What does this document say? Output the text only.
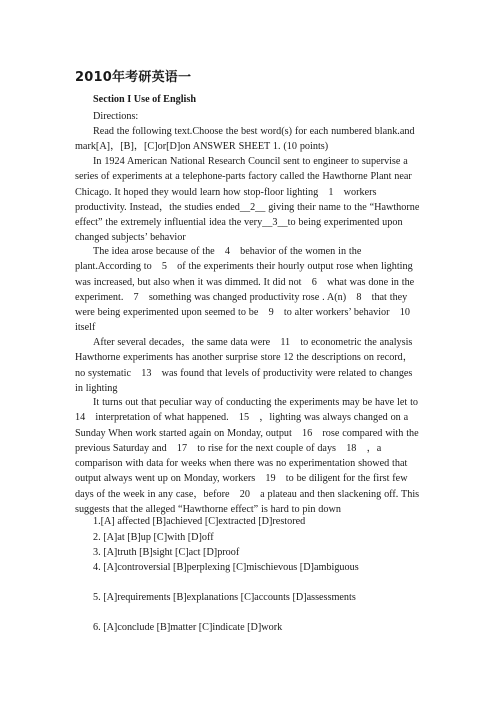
2010年考研英语一
Section I Use of English

Directions:

Read the following text.Choose the best word(s) for each numbered blank.and mark[A]，[B]，[C]or[D]on ANSWER SHEET 1. (10 points)

In 1924 American National Research Council sent to engineer to supervise a series of experiments at a telephone-parts factory called the Hawthorne Plant near Chicago. It hoped they would learn how stop-floor lighting　1　workers productivity. Instead，the studies ended__2__ giving their name to the “Hawthorne effect” the extremely influential idea the very__3__to being experimented upon changed subjects’ behavior

The idea arose because of the　4　behavior of the women in the plant.According to　5　of the experiments their hourly output rose when lighting was increased, but also when it was dimmed. It did not　6　what was done in the experiment.　7　something was changed productivity rose . A(n)　8　that they were being experimented upon seemed to be　9　to alter workers’ behavior　10　itself

After several decades，the same data were　11　to econometric the analysis Hawthorne experiments has another surprise store 12 the descriptions on record，no systematic　13　was found that levels of productivity were related to changes in lighting

It turns out that peculiar way of conducting the experiments may be have let to　14　interpretation of what happened.　15　，lighting was always changed on a Sunday When work started again on Monday, output　16　rose compared with the previous Saturday and　17　to rise for the next couple of days　18　，a comparison with data for weeks when there was no experimentation showed that output always went up on Monday, workers　19　to be diligent for the first few days of the week in any case，before　20　a plateau and then slackening off. This suggests that the alleged “Hawthorne effect” is hard to pin down

1.[A] affected [B]achieved [C]extracted [D]restored

2. [A]at [B]up [C]with [D]off

3. [A]truth [B]sight [C]act [D]proof

4. [A]controversial [B]perplexing [C]mischievous [D]ambiguous

5. [A]requirements [B]explanations [C]accounts [D]assessments

6. [A]conclude [B]matter [C]indicate [D]work
